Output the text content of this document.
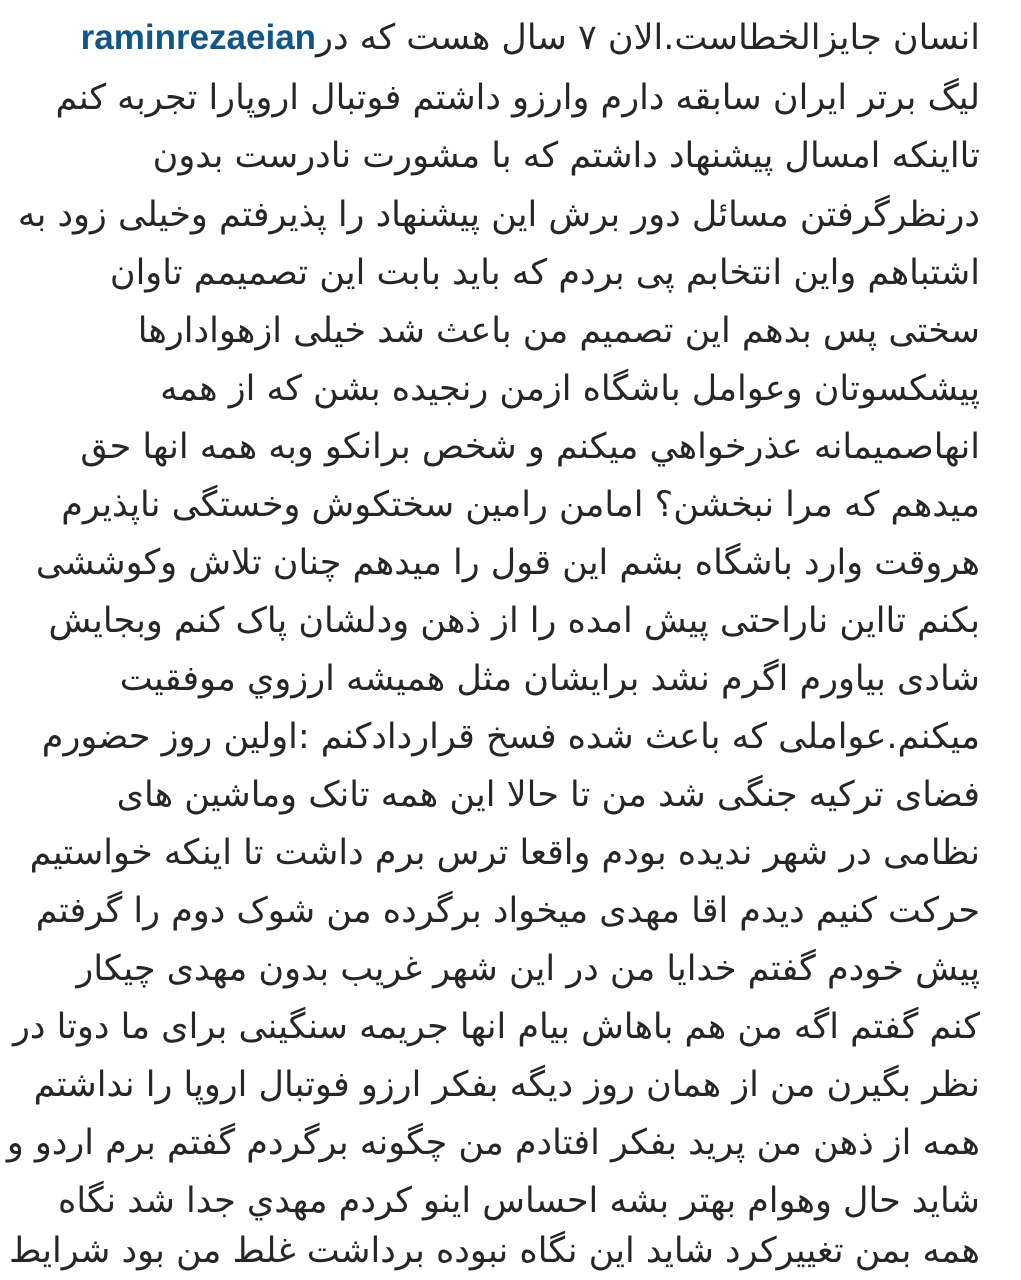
raminrezaeian انسان جایزالخطاست.الان ۷ سال هست که در
لیگ برتر ایران سابقه دارم وارزو داشتم فوتبال اروپارا تجربه کنم
تااینکه امسال پیشنهاد داشتم که با مشورت نادرست بدون
درنظرگرفتن مسائل دور برش این پیشنهاد را پذیرفتم وخیلی زود به
اشتباهم واین انتخابم پی بردم که باید بابت این تصمیمم تاوان
سختی پس بدهم این تصمیم من باعث شد خیلی ازهوادارها
پیشکسوتان وعوامل باشگاه ازمن رنجیده بشن که از همه
انهاصمیمانه عذرخواهي ميكنم و شخص برانکو وبه همه انها حق
میدهم که مرا نبخشن؟ امامن رامین سختکوش وخستگی ناپذیرم
هروقت وارد باشگاه بشم این قول را میدهم چنان تلاش وکوششی
بکنم تااین ناراحتی پیش امده را از ذهن ودلشان پاک کنم وبجایش
شادی بیاورم اگرم نشد برایشان مثل همیشه ارزوي موفقيت
میکنم.عواملی که باعث شده فسخ قراردادکنم :اولین روز حضورم
فضای ترکیه جنگی شد من تا حالا این همه تانک وماشین های
نظامی در شهر ندیده بودم واقعا ترس برم داشت تا اینکه خواستیم
حرکت کنیم دیدم اقا مهدی میخواد برگرده من شوک دوم را گرفتم
پیش خودم گفتم خدایا من در این شهر غریب بدون مهدی چیکار
کنم گفتم اگه من هم باهاش بیام انها جریمه سنگینی برای ما دوتا در
نظر بگیرن من از همان روز دیگه بفکر ارزو فوتبال اروپا را نداشتم
همه از ذهن من پرید بفکر افتادم من چگونه برگردم گفتم برم اردو و
شاید حال وهوام بهتر بشه احساس اینو کردم مهدي جدا شد نگاه
همه بمن تغییرکرد شاید این نگاه نبوده برداشت غلط من بود شرایط
